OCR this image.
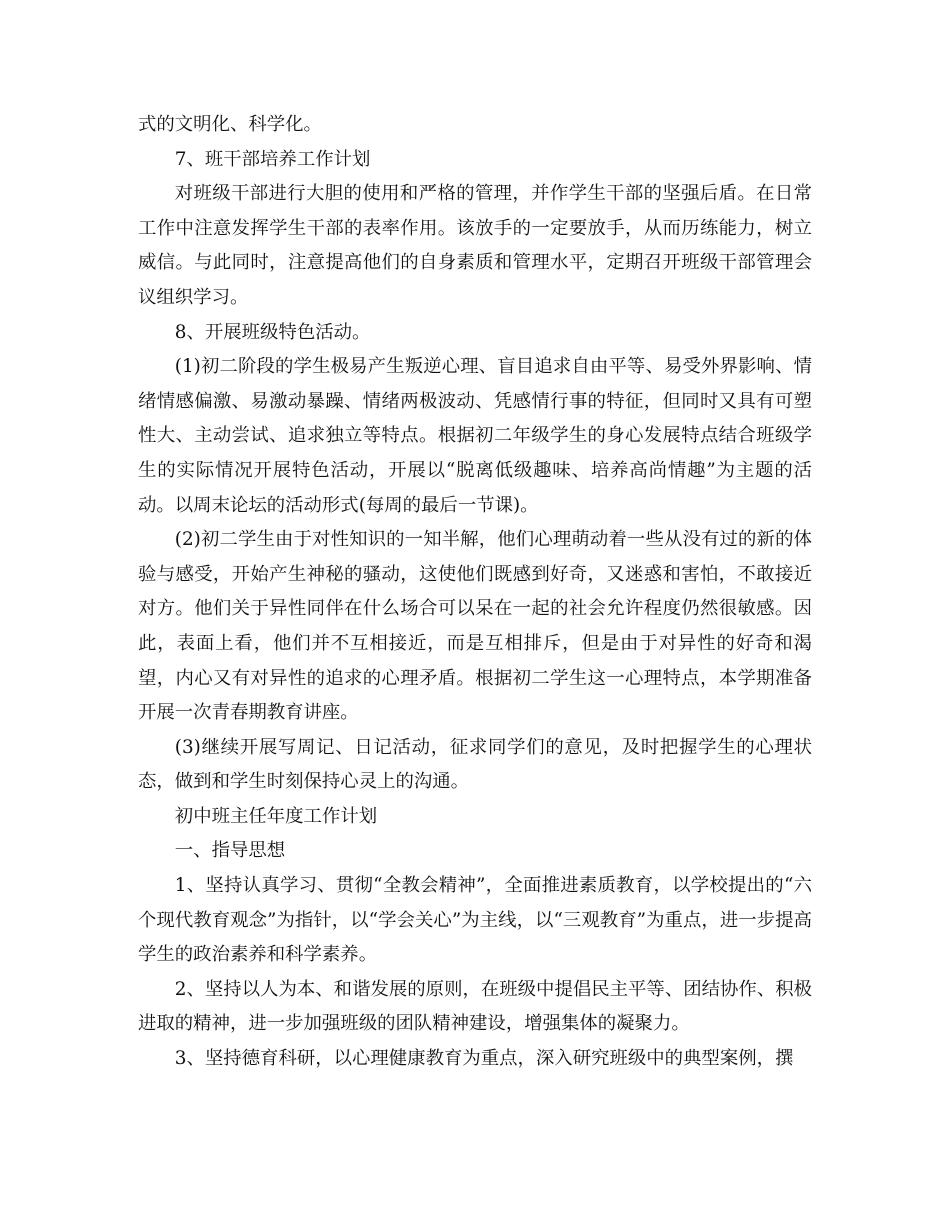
式的文明化、科学化。

7、班干部培养工作计划

对班级干部进行大胆的使用和严格的管理，并作学生干部的坚强后盾。在日常工作中注意发挥学生干部的表率作用。该放手的一定要放手，从而历练能力，树立威信。与此同时，注意提高他们的自身素质和管理水平，定期召开班级干部管理会议组织学习。

8、开展班级特色活动。

(1)初二阶段的学生极易产生叛逆心理、盲目追求自由平等、易受外界影响、情绪情感偏激、易激动暴躁、情绪两极波动、凭感情行事的特征，但同时又具有可塑性大、主动尝试、追求独立等特点。根据初二年级学生的身心发展特点结合班级学生的实际情况开展特色活动，开展以“脱离低级趣味、培养高尚情趣”为主题的活动。以周末论坛的活动形式(每周的最后一节课)。

(2)初二学生由于对性知识的一知半解，他们心理萌动着一些从没有过的新的体验与感受，开始产生神秘的骚动，这使他们既感到好奇，又迷惑和害怕，不敢接近对方。他们关于异性同伴在什么场合可以呆在一起的社会允许程度仍然很敏感。因此，表面上看，他们并不互相接近，而是互相排斥，但是由于对异性的好奇和渴望，内心又有对异性的追求的心理矛盾。根据初二学生这一心理特点，本学期准备开展一次青春期教育讲座。

(3)继续开展写周记、日记活动，征求同学们的意见，及时把握学生的心理状态，做到和学生时刻保持心灵上的沟通。

初中班主任年度工作计划

一、指导思想

1、坚持认真学习、贯彻“全教会精神”，全面推进素质教育，以学校提出的“六个现代教育观念”为指针，以“学会关心”为主线，以“三观教育”为重点，进一步提高学生的政治素养和科学素养。

2、坚持以人为本、和谐发展的原则，在班级中提倡民主平等、团结协作、积极进取的精神，进一步加强班级的团队精神建设，增强集体的凝聚力。

3、坚持德育科研，以心理健康教育为重点，深入研究班级中的典型案例，撰
